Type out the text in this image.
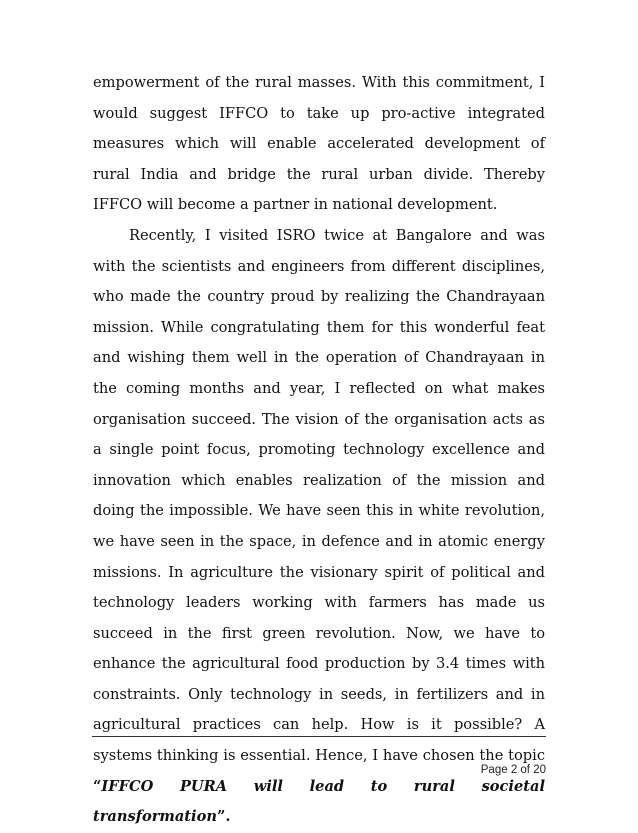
empowerment of the rural masses. With this commitment, I would suggest IFFCO to take up pro-active integrated measures which will enable accelerated development of rural India and bridge the rural urban divide. Thereby IFFCO will become a partner in national development.

Recently, I visited ISRO twice at Bangalore and was with the scientists and engineers from different disciplines, who made the country proud by realizing the Chandrayaan mission. While congratulating them for this wonderful feat and wishing them well in the operation of Chandrayaan in the coming months and year, I reflected on what makes organisation succeed. The vision of the organisation acts as a single point focus, promoting technology excellence and innovation which enables realization of the mission and doing the impossible. We have seen this in white revolution, we have seen in the space, in defence and in atomic energy missions. In agriculture the visionary spirit of political and technology leaders working with farmers has made us succeed in the first green revolution. Now, we have to enhance the agricultural food production by 3.4 times with constraints. Only technology in seeds, in fertilizers and in agricultural practices can help. How is it possible? A systems thinking is essential. Hence, I have chosen the topic “IFFCO PURA will lead to rural societal transformation”.

Page 2 of 20
